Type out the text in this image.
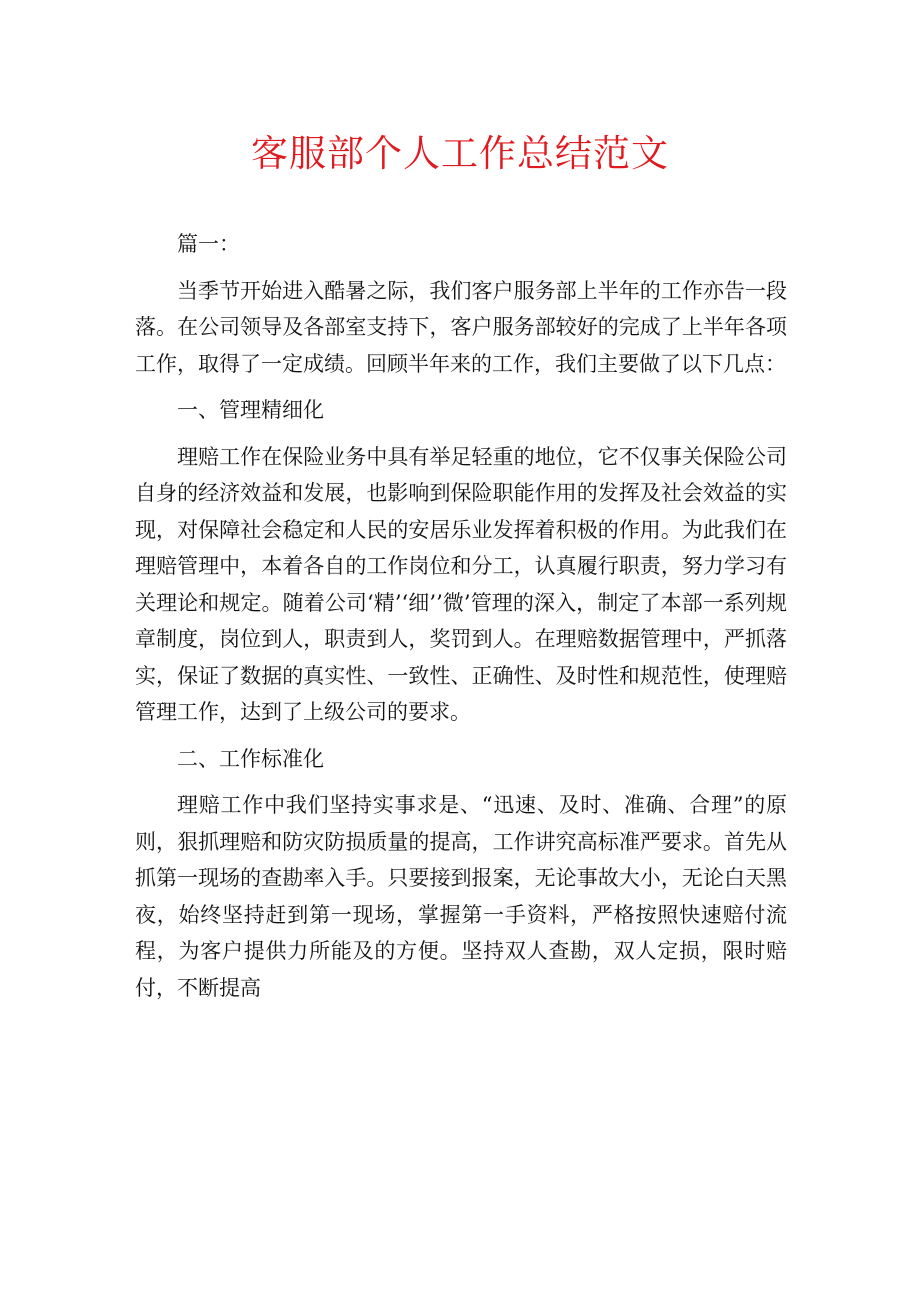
客服部个人工作总结范文

篇一：

当季节开始进入酷暑之际，我们客户服务部上半年的工作亦告一段落。在公司领导及各部室支持下，客户服务部较好的完成了上半年各项工作，取得了一定成绩。回顾半年来的工作，我们主要做了以下几点：

一、管理精细化

理赔工作在保险业务中具有举足轻重的地位，它不仅事关保险公司自身的经济效益和发展，也影响到保险职能作用的发挥及社会效益的实现，对保障社会稳定和人民的安居乐业发挥着积极的作用。为此我们在理赔管理中，本着各自的工作岗位和分工，认真履行职责，努力学习有关理论和规定。随着公司‘精’‘细’’微’管理的深入，制定了本部一系列规章制度，岗位到人，职责到人，奖罚到人。在理赔数据管理中，严抓落实，保证了数据的真实性、一致性、正确性、及时性和规范性，使理赔管理工作，达到了上级公司的要求。

二、工作标准化

理赔工作中我们坚持实事求是、“迅速、及时、准确、合理”的原则，狠抓理赔和防灾防损质量的提高，工作讲究高标准严要求。首先从抓第一现场的查勘率入手。只要接到报案，无论事故大小，无论白天黑夜，始终坚持赶到第一现场，掌握第一手资料，严格按照快速赔付流程，为客户提供力所能及的方便。坚持双人查勘，双人定损，限时赔付，不断提高
